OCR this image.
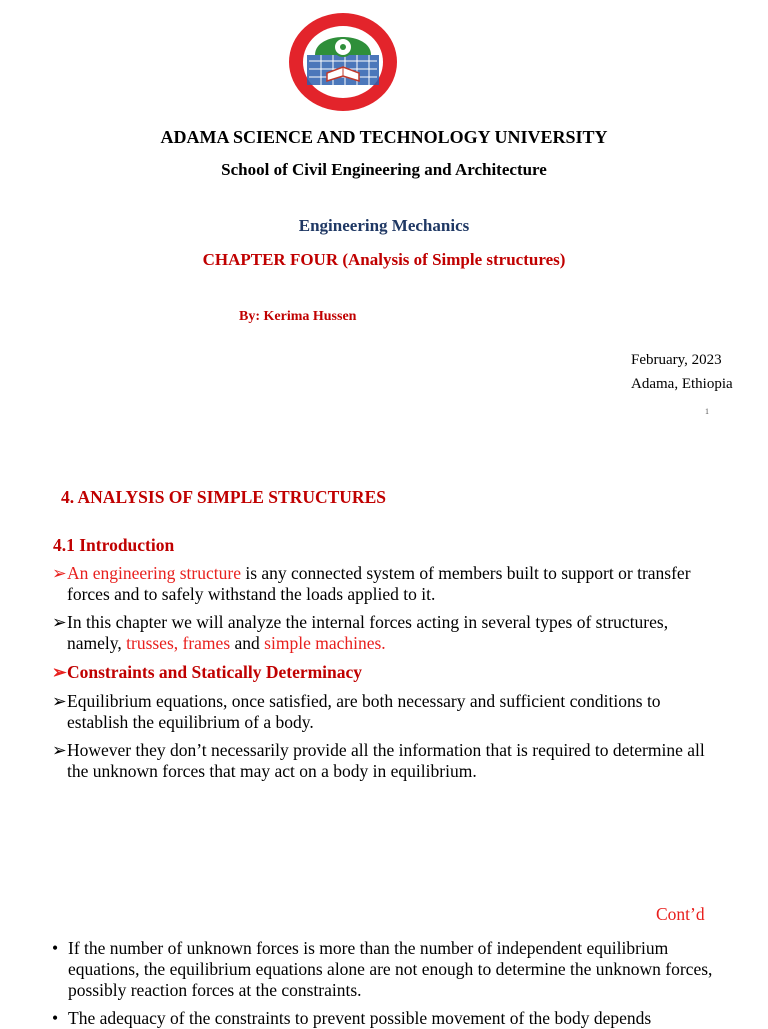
ADAMA SCIENCE AND TECHNOLOGY UNIVERSITY
School of Civil Engineering and Architecture
Engineering Mechanics
CHAPTER FOUR (Analysis of Simple structures)
By: Kerima Hussen
February, 2023
Adama, Ethiopia
1
4. ANALYSIS OF SIMPLE STRUCTURES
4.1 Introduction
➢ An engineering structure is any connected system of members built to support or transfer forces and to safely withstand the loads applied to it.
➢ In this chapter we will analyze the internal forces acting in several types of structures, namely, trusses, frames and simple machines.
➢ Constraints and Statically Determinacy
➢ Equilibrium equations, once satisfied, are both necessary and sufficient conditions to establish the equilibrium of a body.
➢ However they don’t necessarily provide all the information that is required to determine all the unknown forces that may act on a body in equilibrium.
Cont’d
• If the number of unknown forces is more than the number of independent equilibrium equations, the equilibrium equations alone are not enough to determine the unknown forces, possibly reaction forces at the constraints.
• The adequacy of the constraints to prevent possible movement of the body depends
